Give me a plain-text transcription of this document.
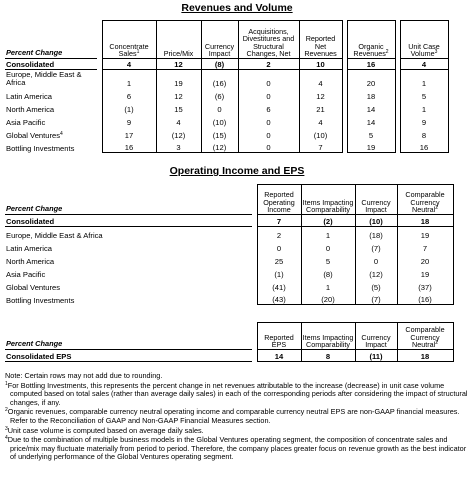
Revenues and Volume
Percent Change		Concentrate Sales$^1$	Price/Mix	Currency Impact	Acquisitions, Divestitures and Structural Changes, Net	Reported Net Revenues		Organic Revenues$^2$		Unit Case Volume$^3$
Consolidated		4	12	(8)	2	10		16		4
Europe, Middle East & Africa		1	19	(16)	0	4		20		1
Latin America		6	12	(6)	0	12		18		5
North America		(1)	15	0	6	21		14		1
Asia Pacific		9	4	(10)	0	4		14		9
Global Ventures$^4$		17	(12)	(15)	0	(10)		5		8
Bottling Investments		16	3	(12)	0	7		19		16
Operating Income and EPS
Percent Change		Reported Operating Income	Items Impacting Comparability	Currency Impact	Comparable Currency Neutral$^2$
Consolidated		7	(2)	(10)	18
Europe, Middle East & Africa		2	1	(18)	19
Latin America		0	0	(7)	7
North America		25	5	0	20
Asia Pacific		(1)	(8)	(12)	19
Global Ventures		(41)	1	(5)	(37)
Bottling Investments		(43)	(20)	(7)	(16)
Percent Change		Reported EPS	Items Impacting Comparability	Currency Impact	Comparable Currency Neutral$^2$
Consolidated EPS		14	8	(11)	18

Note: Certain rows may not add due to rounding.

$^1$For Bottling Investments, this represents the percent change in net revenues attributable to the increase (decrease) in unit case volume computed based on total sales (rather than average daily sales) in each of the corresponding periods after considering the impact of structural changes, if any.

$^2$Organic revenues, comparable currency neutral operating income and comparable currency neutral EPS are non-GAAP financial measures. Refer to the Reconciliation of GAAP and Non-GAAP Financial Measures section.

$^3$Unit case volume is computed based on average daily sales.

$^4$Due to the combination of multiple business models in the Global Ventures operating segment, the composition of concentrate sales and price/mix may fluctuate materially from period to period. Therefore, the company places greater focus on revenue growth as the best indicator of underlying performance of the Global Ventures operating segment.
